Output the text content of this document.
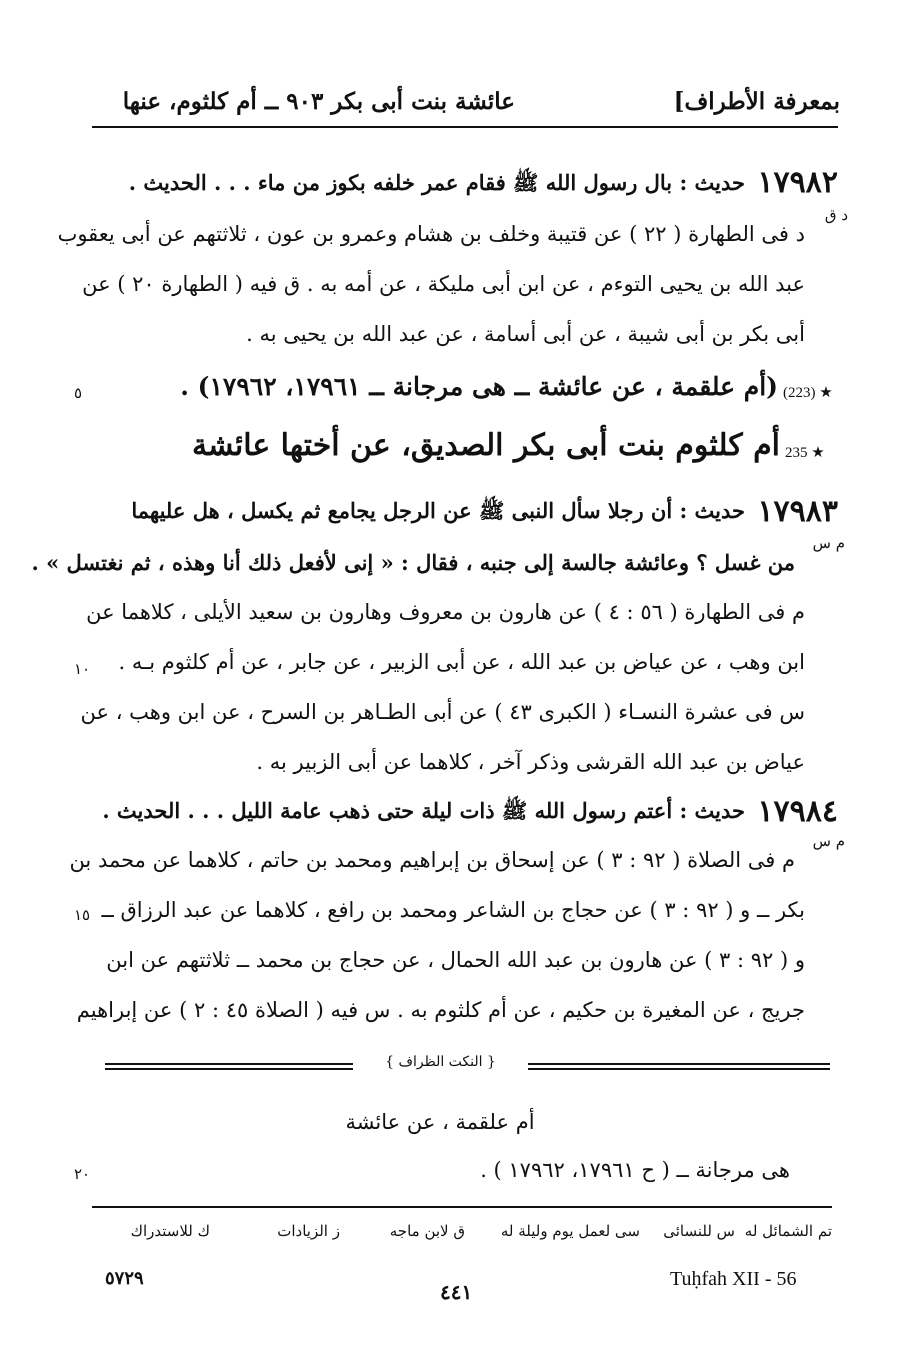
بمعرفة الأطراف]
عائشة بنت أبى بكر ٩٠٣ ــ أم كلثوم، عنها
١٧٩٨٢
حديث : بال رسول الله ﷺ فقام عمر خلفه بكوز من ماء . . . الحديث .
د ق
د فى الطهارة ( ٢٢ ) عن قتيبة وخلف بن هشام وعمرو بن عون ، ثلاثتهم عن أبى يعقوب
عبد الله بن يحيى التوءم ، عن ابن أبى مليكة ، عن أمه به . ق فيه ( الطهارة ٢٠ ) عن
أبى بكر بن أبى شيبة ، عن أبى أسامة ، عن عبد الله بن يحيى به .
(223) ★
(أم علقمة ، عن عائشة ــ هى مرجانة ــ ١٧٩٦١، ١٧٩٦٢) .
٥
235 ★
أم كلثوم بنت أبى بكر الصديق، عن أختها عائشة
١٧٩٨٣
حديث : أن رجلا سأل النبى ﷺ عن الرجل يجامع ثم يكسل ، هل عليهما
م س
من غسل ؟ وعائشة جالسة إلى جنبه ، فقال : « إنى لأفعل ذلك أنا وهذه ، ثم نغتسل » .
م فى الطهارة ( ٥٦ : ٤ ) عن هارون بن معروف وهارون بن سعيد الأيلى ، كلاهما عن
ابن وهب ، عن عياض بن عبد الله ، عن أبى الزبير ، عن جابر ، عن أم كلثوم بـه .
١٠
س فى عشرة النسـاء ( الكبرى ٤٣ ) عن أبى الطـاهر بن السرح ، عن ابن وهب ، عن
عياض بن عبد الله القرشى وذكر آخر ، كلاهما عن أبى الزبير به .
١٧٩٨٤
حديث : أعتم رسول الله ﷺ ذات ليلة حتى ذهب عامة الليل . . . الحديث .
م س
م فى الصلاة ( ٩٢ : ٣ ) عن إسحاق بن إبراهيم ومحمد بن حاتم ، كلاهما عن محمد بن
بكر ــ و ( ٩٢ : ٣ ) عن حجاج بن الشاعر ومحمد بن رافع ، كلاهما عن عبد الرزاق ــ
١٥
و ( ٩٢ : ٣ ) عن هارون بن عبد الله الحمال ، عن حجاج بن محمد ــ ثلاثتهم عن ابن
جريج ، عن المغيرة بن حكيم ، عن أم كلثوم به . س فيه ( الصلاة ٤٥ : ٢ ) عن إبراهيم
{ النكت الظراف }
أم علقمة ، عن عائشة
هى مرجانة ــ ( ح ١٧٩٦١، ١٧٩٦٢ ) .
٢٠
ك للاستدراك	ز الزيادات	ق لابن ماجه	سى لعمل يوم وليلة له	س للنسائى تم الشمائل له
٥٧٢٩
٤٤١
Tuḥfah XII - 56
